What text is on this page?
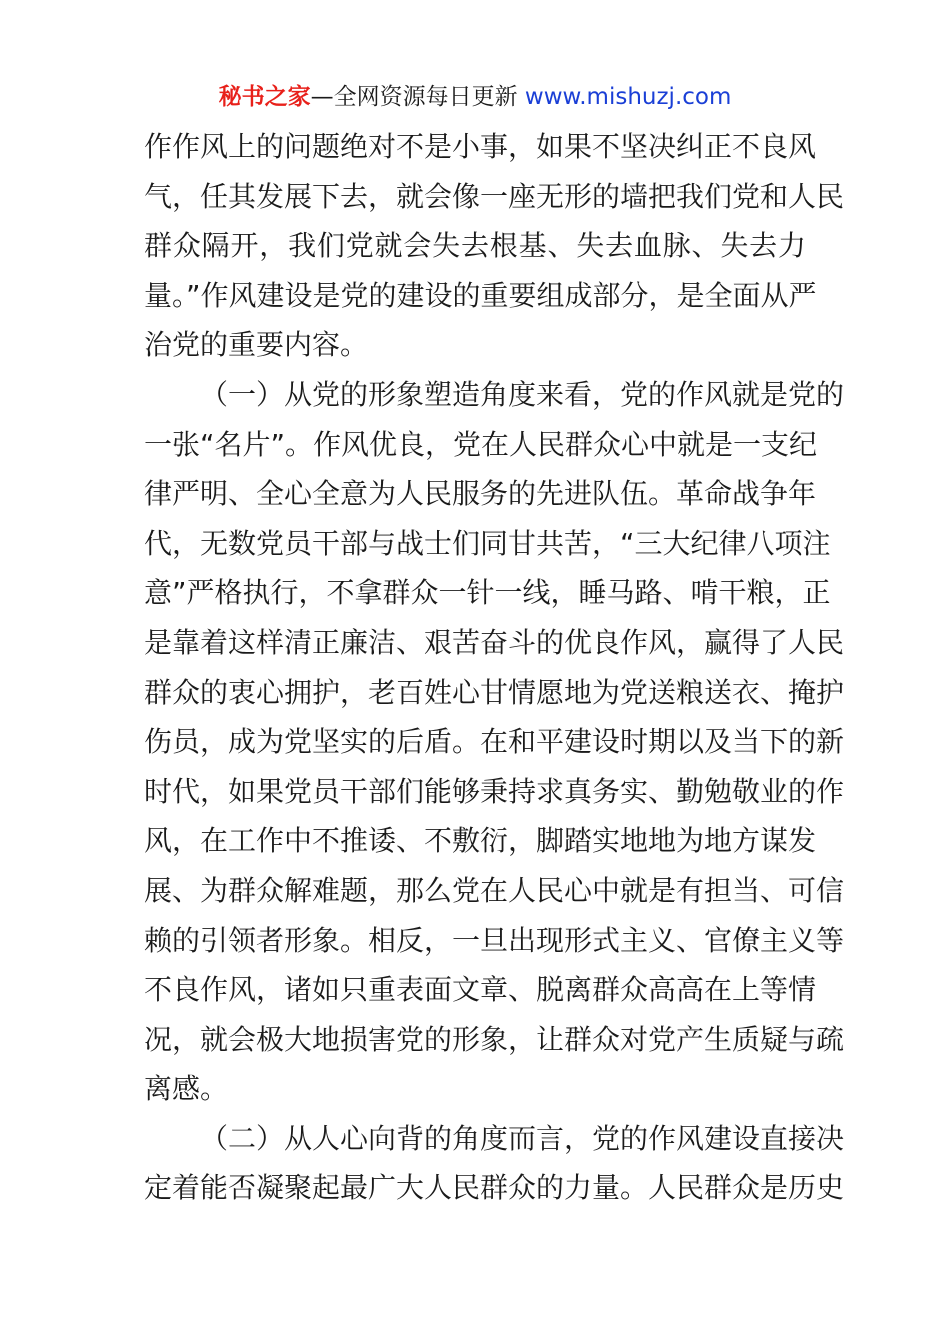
秘书之家—全网资源每日更新 www.mishuzj.com
作作风上的问题绝对不是小事，如果不坚决纠正不良风
气，任其发展下去，就会像一座无形的墙把我们党和人民
群众隔开，我们党就会失去根基、失去血脉、失去力
量。”作风建设是党的建设的重要组成部分，是全面从严
治党的重要内容。
（一）从党的形象塑造角度来看，党的作风就是党的
一张“名片”。作风优良，党在人民群众心中就是一支纪
律严明、全心全意为人民服务的先进队伍。革命战争年
代，无数党员干部与战士们同甘共苦，“三大纪律八项注
意”严格执行，不拿群众一针一线，睡马路、啃干粮，正
是靠着这样清正廉洁、艰苦奋斗的优良作风，赢得了人民
群众的衷心拥护，老百姓心甘情愿地为党送粮送衣、掩护
伤员，成为党坚实的后盾。在和平建设时期以及当下的新
时代，如果党员干部们能够秉持求真务实、勤勉敬业的作
风，在工作中不推诿、不敷衍，脚踏实地地为地方谋发
展、为群众解难题，那么党在人民心中就是有担当、可信
赖的引领者形象。相反，一旦出现形式主义、官僚主义等
不良作风，诸如只重表面文章、脱离群众高高在上等情
况，就会极大地损害党的形象，让群众对党产生质疑与疏
离感。
（二）从人心向背的角度而言，党的作风建设直接决
定着能否凝聚起最广大人民群众的力量。人民群众是历史
